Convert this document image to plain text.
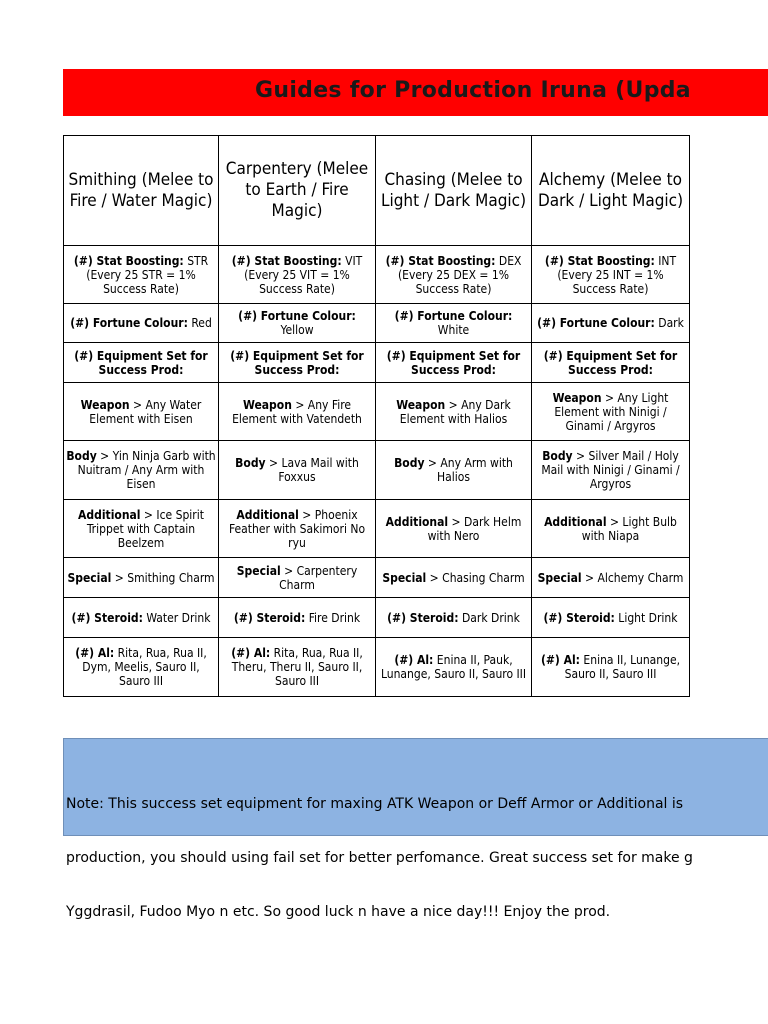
Guides for Production Iruna (Upda
Smithing (Melee to Fire / Water Magic)	Carpentery (Melee to Earth / Fire Magic)	Chasing (Melee to Light / Dark Magic)	Alchemy (Melee to Dark / Light Magic)
(#) Stat Boosting: STR (Every 25 STR = 1% Success Rate)	(#) Stat Boosting: VIT (Every 25 VIT = 1% Success Rate)	(#) Stat Boosting: DEX (Every 25 DEX = 1% Success Rate)	(#) Stat Boosting: INT (Every 25 INT = 1% Success Rate)
(#) Fortune Colour: Red	(#) Fortune Colour: Yellow	(#) Fortune Colour: White	(#) Fortune Colour: Dark
(#) Equipment Set for Success Prod:	(#) Equipment Set for Success Prod:	(#) Equipment Set for Success Prod:	(#) Equipment Set for Success Prod:
Weapon > Any Water Element with Eisen	Weapon > Any Fire Element with Vatendeth	Weapon > Any Dark Element with Halios	Weapon > Any Light Element with Ninigi / Ginami / Argyros
Body > Yin Ninja Garb with Nuitram / Any Arm with Eisen	Body > Lava Mail with Foxxus	Body > Any Arm with Halios	Body > Silver Mail / Holy Mail with Ninigi / Ginami / Argyros
Additional > Ice Spirit Trippet with Captain Beelzem	Additional > Phoenix Feather with Sakimori No ryu	Additional > Dark Helm with Nero	Additional > Light Bulb with Niapa
Special > Smithing Charm	Special > Carpentery Charm	Special > Chasing Charm	Special > Alchemy Charm
(#) Steroid: Water Drink	(#) Steroid: Fire Drink	(#) Steroid: Dark Drink	(#) Steroid: Light Drink
(#) Al: Rita, Rua, Rua II, Dym, Meelis, Sauro II, Sauro III	(#) Al: Rita, Rua, Rua II, Theru, Theru II, Sauro II, Sauro III	(#) Al: Enina II, Pauk, Lunange, Sauro II, Sauro III	(#) Al: Enina II, Lunange, Sauro II, Sauro III

Note: This success set equipment for maxing ATK Weapon or Deff Armor or Additional is

production, you should using fail set for better perfomance. Great success set for make g

Yggdrasil, Fudoo Myo n etc. So good luck n have a nice day!!! Enjoy the prod.
